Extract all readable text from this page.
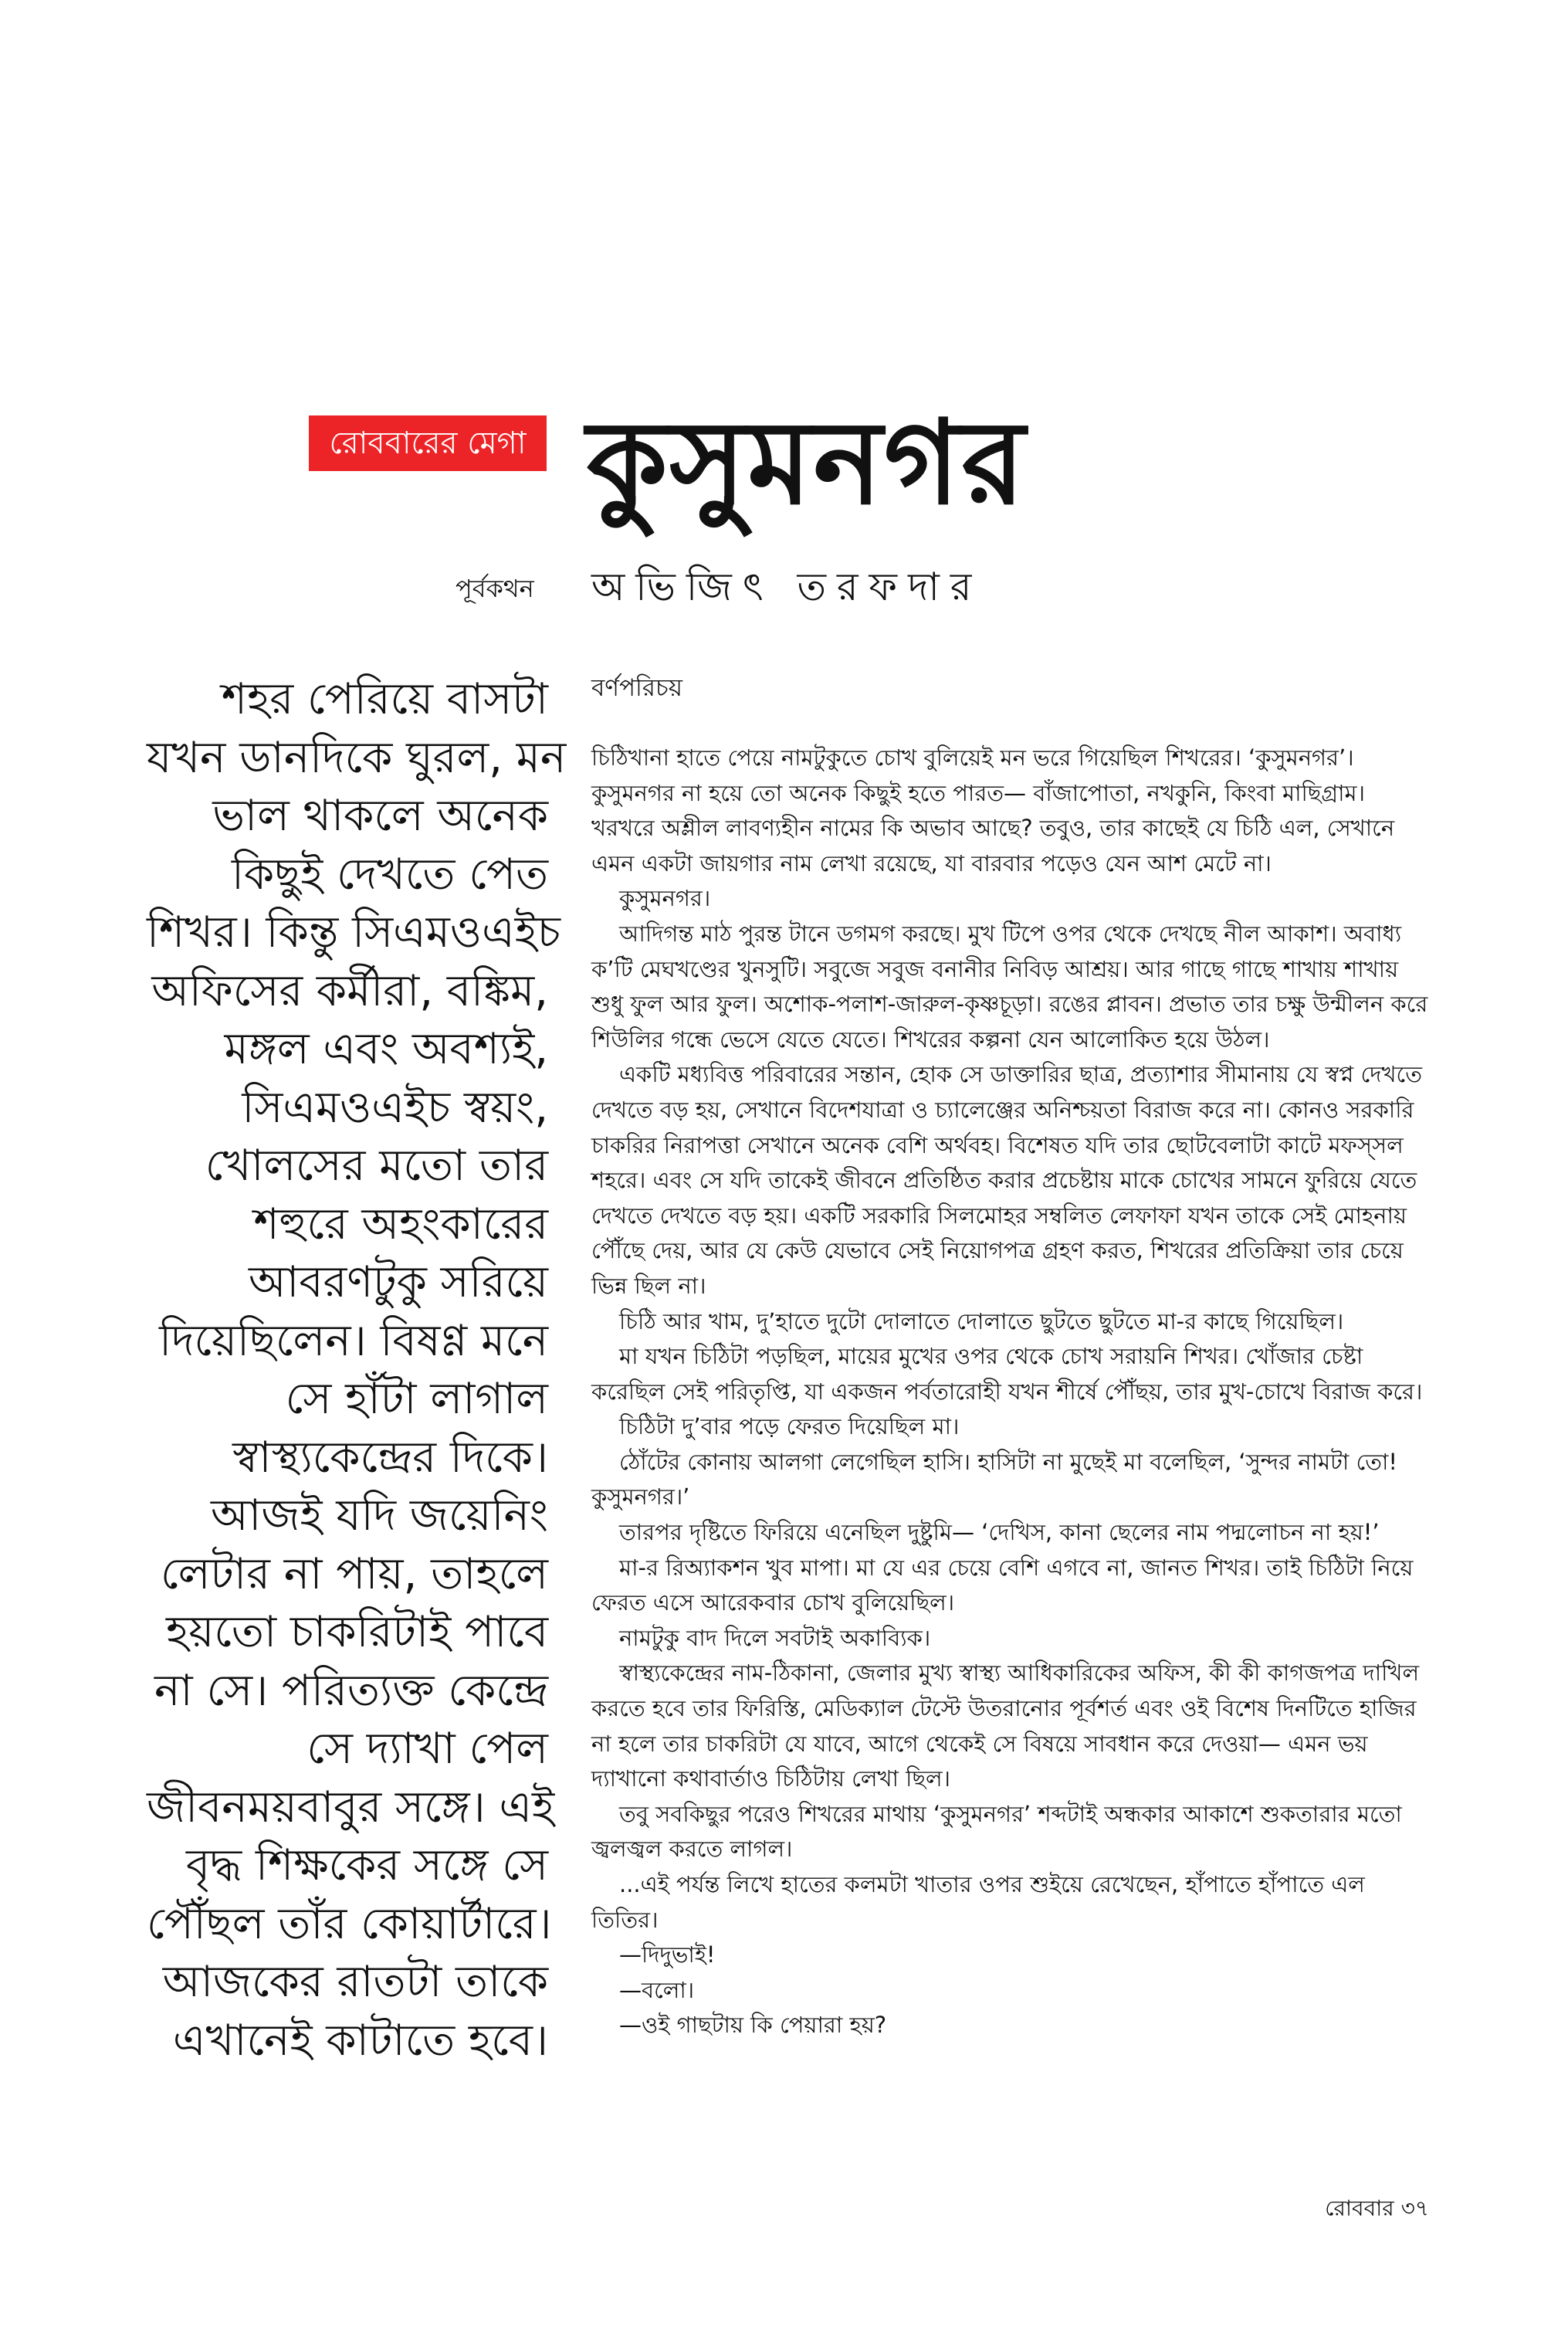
রোববারের মেগা কুসুমনগর
পূর্বকথন অভিজিৎ তরফদার
শহর পেরিয়ে বাসটা
যখন ডানদিকে ঘুরল, মন
ভাল থাকলে অনেক
কিছুই দেখতে পেত
শিখর। কিন্তু সিএমওএইচ
অফিসের কর্মীরা, বঙ্কিম,
মঙ্গল এবং অবশ্যই,
সিএমওএইচ স্বয়ং,
খোলসের মতো তার
শহুরে অহংকারের
আবরণটুকু সরিয়ে
দিয়েছিলেন। বিষণ্ণ মনে
সে হাঁটা লাগাল
স্বাস্থ্যকেন্দ্রের দিকে।
আজই যদি জয়েনিং
লেটার না পায়, তাহলে
হয়তো চাকরিটাই পাবে
না সে। পরিত্যক্ত কেন্দ্রে
সে দ্যাখা পেল
জীবনময়বাবুর সঙ্গে। এই
বৃদ্ধ শিক্ষকের সঙ্গে সে
পৌঁছল তাঁর কোয়ার্টারে।
আজকের রাতটা তাকে
এখানেই কাটাতে হবে।
বর্ণপরিচয়

চিঠিখানা হাতে পেয়ে নামটুকুতে চোখ বুলিয়েই মন ভরে গিয়েছিল শিখরের। ‘কুসুমনগর’। কুসুমনগর না হয়ে তো অনেক কিছুই হতে পারত— বাঁজাপোতা, নখকুনি, কিংবা মাছিগ্রাম। খরখরে অশ্লীল লাবণ্যহীন নামের কি অভাব আছে? তবুও, তার কাছেই যে চিঠি এল, সেখানে এমন একটা জায়গার নাম লেখা রয়েছে, যা বারবার পড়েও যেন আশ মেটে না।

কুসুমনগর।

আদিগন্ত মাঠ পুরন্ত টানে ডগমগ করছে। মুখ টিপে ওপর থেকে দেখছে নীল আকাশ। অবাধ্য ক’টি মেঘখণ্ডের খুনসুটি। সবুজে সবুজ বনানীর নিবিড় আশ্রয়। আর গাছে গাছে শাখায় শাখায় শুধু ফুল আর ফুল। অশোক-পলাশ-জারুল-কৃষ্ণচূড়া। রঙের প্লাবন। প্রভাত তার চক্ষু উন্মীলন করে শিউলির গন্ধে ভেসে যেতে যেতে। শিখরের কল্পনা যেন আলোকিত হয়ে উঠল।

একটি মধ্যবিত্ত পরিবারের সন্তান, হোক সে ডাক্তারির ছাত্র, প্রত্যাশার সীমানায় যে স্বপ্ন দেখতে দেখতে বড় হয়, সেখানে বিদেশযাত্রা ও চ্যালেঞ্জের অনিশ্চয়তা বিরাজ করে না। কোনও সরকারি চাকরির নিরাপত্তা সেখানে অনেক বেশি অর্থবহ। বিশেষত যদি তার ছোটবেলাটা কাটে মফস্‌সল শহরে। এবং সে যদি তাকেই জীবনে প্রতিষ্ঠিত করার প্রচেষ্টায় মাকে চোখের সামনে ফুরিয়ে যেতে দেখতে দেখতে বড় হয়। একটি সরকারি সিলমোহর সম্বলিত লেফাফা যখন তাকে সেই মোহনায় পৌঁছে দেয়, আর যে কেউ যেভাবে সেই নিয়োগপত্র গ্রহণ করত, শিখরের প্রতিক্রিয়া তার চেয়ে ভিন্ন ছিল না।

চিঠি আর খাম, দু’হাতে দুটো দোলাতে দোলাতে ছুটতে ছুটতে মা-র কাছে গিয়েছিল।

মা যখন চিঠিটা পড়ছিল, মায়ের মুখের ওপর থেকে চোখ সরায়নি শিখর। খোঁজার চেষ্টা করেছিল সেই পরিতৃপ্তি, যা একজন পর্বতারোহী যখন শীর্ষে পৌঁছয়, তার মুখ-চোখে বিরাজ করে।

চিঠিটা দু’বার পড়ে ফেরত দিয়েছিল মা।

ঠোঁটের কোনায় আলগা লেগেছিল হাসি। হাসিটা না মুছেই মা বলেছিল, ‘সুন্দর নামটা তো! কুসুমনগর।’

তারপর দৃষ্টিতে ফিরিয়ে এনেছিল দুষ্টুমি— ‘দেখিস, কানা ছেলের নাম পদ্মলোচন না হয়!’

মা-র রিঅ্যাকশন খুব মাপা। মা যে এর চেয়ে বেশি এগবে না, জানত শিখর। তাই চিঠিটা নিয়ে ফেরত এসে আরেকবার চোখ বুলিয়েছিল।

নামটুকু বাদ দিলে সবটাই অকাব্যিক।

স্বাস্থ্যকেন্দ্রের নাম-ঠিকানা, জেলার মুখ্য স্বাস্থ্য আধিকারিকের অফিস, কী কী কাগজপত্র দাখিল করতে হবে তার ফিরিস্তি, মেডিক্যাল টেস্টে উতরানোর পূর্বশর্ত এবং ওই বিশেষ দিনটিতে হাজির না হলে তার চাকরিটা যে যাবে, আগে থেকেই সে বিষয়ে সাবধান করে দেওয়া— এমন ভয় দ্যাখানো কথাবার্তাও চিঠিটায় লেখা ছিল।

তবু সবকিছুর পরেও শিখরের মাথায় ‘কুসুমনগর’ শব্দটাই অন্ধকার আকাশে শুকতারার মতো জ্বলজ্বল করতে লাগল।

...এই পর্যন্ত লিখে হাতের কলমটা খাতার ওপর শুইয়ে রেখেছেন, হাঁপাতে হাঁপাতে এল তিতির।

—দিদুভাই!

—বলো।

—ওই গাছটায় কি পেয়ারা হয়?

রোববার ৩৭
